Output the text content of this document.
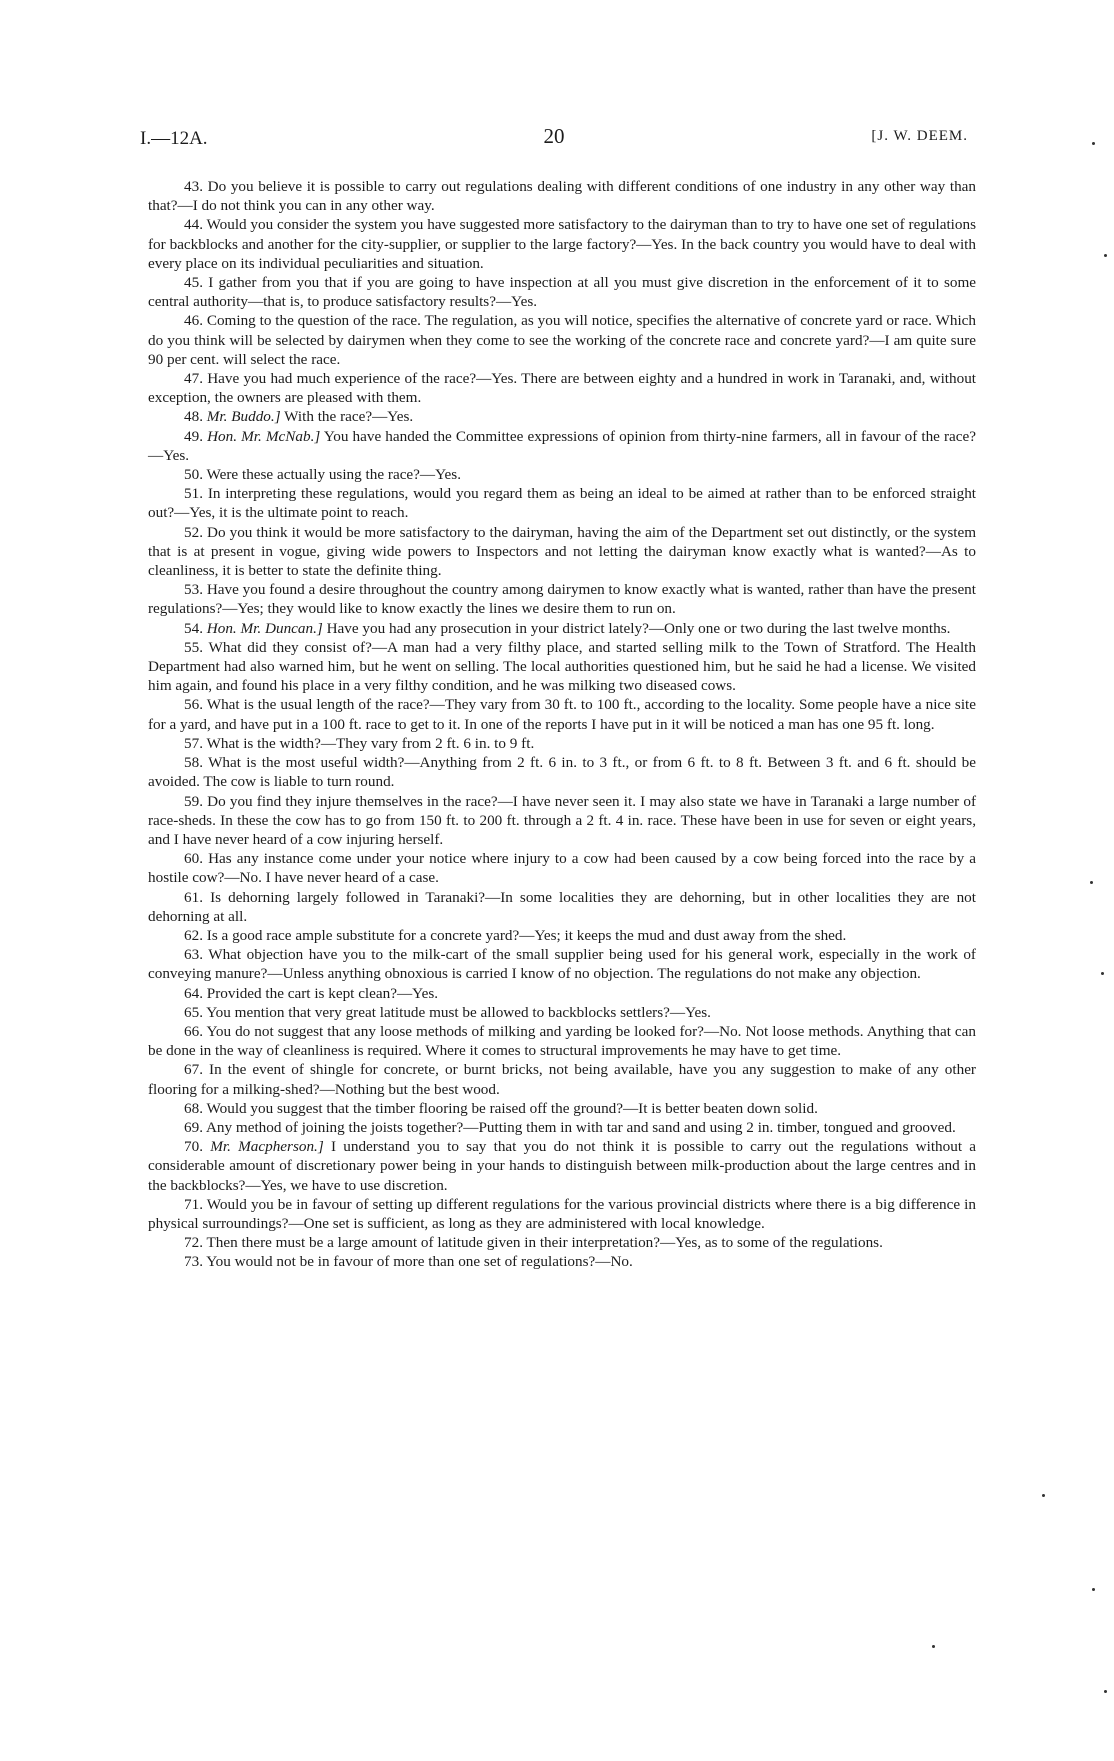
I.—12A.	20	[J. W. DEEM.

43. Do you believe it is possible to carry out regulations dealing with different conditions of one industry in any other way than that?—I do not think you can in any other way.

44. Would you consider the system you have suggested more satisfactory to the dairyman than to try to have one set of regulations for backblocks and another for the city-supplier, or supplier to the large factory?—Yes. In the back country you would have to deal with every place on its individual peculiarities and situation.

45. I gather from you that if you are going to have inspection at all you must give discretion in the enforcement of it to some central authority—that is, to produce satisfactory results?—Yes.

46. Coming to the question of the race. The regulation, as you will notice, specifies the alternative of concrete yard or race. Which do you think will be selected by dairymen when they come to see the working of the concrete race and concrete yard?—I am quite sure 90 per cent. will select the race.

47. Have you had much experience of the race?—Yes. There are between eighty and a hundred in work in Taranaki, and, without exception, the owners are pleased with them.

48. Mr. Buddo.] With the race?—Yes.

49. Hon. Mr. McNab.] You have handed the Committee expressions of opinion from thirty-nine farmers, all in favour of the race?—Yes.

50. Were these actually using the race?—Yes.

51. In interpreting these regulations, would you regard them as being an ideal to be aimed at rather than to be enforced straight out?—Yes, it is the ultimate point to reach.

52. Do you think it would be more satisfactory to the dairyman, having the aim of the Department set out distinctly, or the system that is at present in vogue, giving wide powers to Inspectors and not letting the dairyman know exactly what is wanted?—As to cleanliness, it is better to state the definite thing.

53. Have you found a desire throughout the country among dairymen to know exactly what is wanted, rather than have the present regulations?—Yes; they would like to know exactly the lines we desire them to run on.

54. Hon. Mr. Duncan.] Have you had any prosecution in your district lately?—Only one or two during the last twelve months.

55. What did they consist of?—A man had a very filthy place, and started selling milk to the Town of Stratford. The Health Department had also warned him, but he went on selling. The local authorities questioned him, but he said he had a license. We visited him again, and found his place in a very filthy condition, and he was milking two diseased cows.

56. What is the usual length of the race?—They vary from 30 ft. to 100 ft., according to the locality. Some people have a nice site for a yard, and have put in a 100 ft. race to get to it. In one of the reports I have put in it will be noticed a man has one 95 ft. long.

57. What is the width?—They vary from 2 ft. 6 in. to 9 ft.

58. What is the most useful width?—Anything from 2 ft. 6 in. to 3 ft., or from 6 ft. to 8 ft. Between 3 ft. and 6 ft. should be avoided. The cow is liable to turn round.

59. Do you find they injure themselves in the race?—I have never seen it. I may also state we have in Taranaki a large number of race-sheds. In these the cow has to go from 150 ft. to 200 ft. through a 2 ft. 4 in. race. These have been in use for seven or eight years, and I have never heard of a cow injuring herself.

60. Has any instance come under your notice where injury to a cow had been caused by a cow being forced into the race by a hostile cow?—No. I have never heard of a case.

61. Is dehorning largely followed in Taranaki?—In some localities they are dehorning, but in other localities they are not dehorning at all.

62. Is a good race ample substitute for a concrete yard?—Yes; it keeps the mud and dust away from the shed.

63. What objection have you to the milk-cart of the small supplier being used for his general work, especially in the work of conveying manure?—Unless anything obnoxious is carried I know of no objection. The regulations do not make any objection.

64. Provided the cart is kept clean?—Yes.

65. You mention that very great latitude must be allowed to backblocks settlers?—Yes.

66. You do not suggest that any loose methods of milking and yarding be looked for?—No. Not loose methods. Anything that can be done in the way of cleanliness is required. Where it comes to structural improvements he may have to get time.

67. In the event of shingle for concrete, or burnt bricks, not being available, have you any suggestion to make of any other flooring for a milking-shed?—Nothing but the best wood.

68. Would you suggest that the timber flooring be raised off the ground?—It is better beaten down solid.

69. Any method of joining the joists together?—Putting them in with tar and sand and using 2 in. timber, tongued and grooved.

70. Mr. Macpherson.] I understand you to say that you do not think it is possible to carry out the regulations without a considerable amount of discretionary power being in your hands to distinguish between milk-production about the large centres and in the backblocks?—Yes, we have to use discretion.

71. Would you be in favour of setting up different regulations for the various provincial districts where there is a big difference in physical surroundings?—One set is sufficient, as long as they are administered with local knowledge.

72. Then there must be a large amount of latitude given in their interpretation?—Yes, as to some of the regulations.

73. You would not be in favour of more than one set of regulations?—No.
